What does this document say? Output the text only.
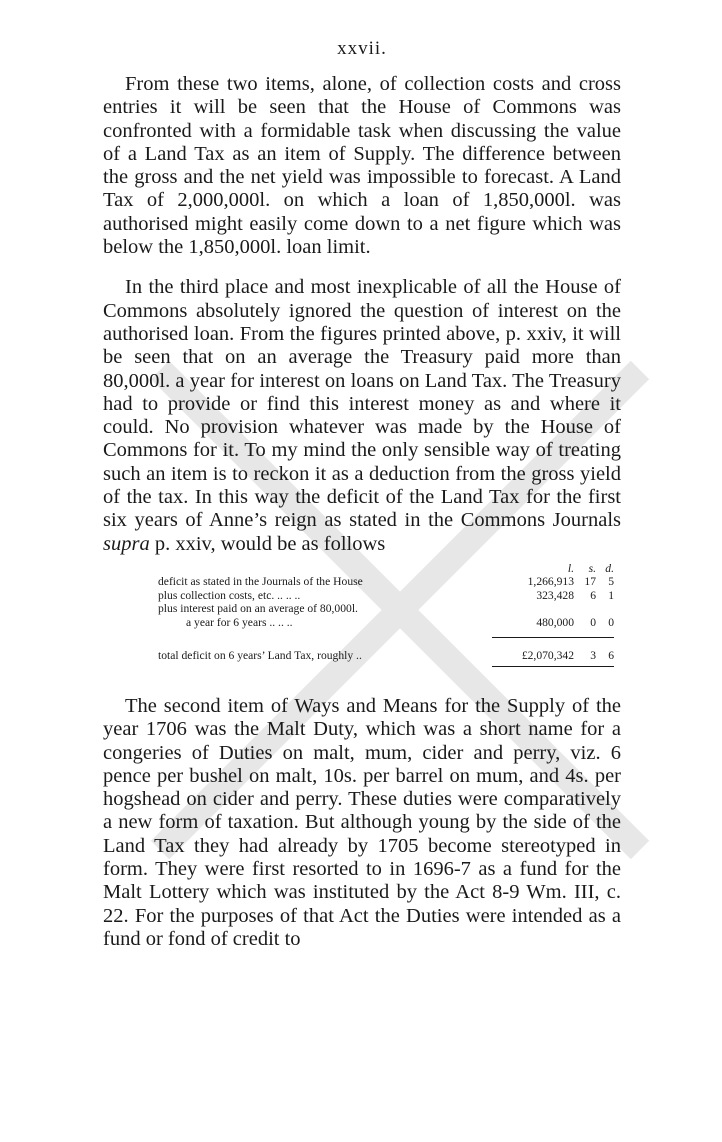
xxvii.

From these two items, alone, of collection costs and cross entries it will be seen that the House of Commons was confronted with a formidable task when discussing the value of a Land Tax as an item of Supply. The difference between the gross and the net yield was impossible to forecast. A Land Tax of 2,000,000l. on which a loan of 1,850,000l. was authorised might easily come down to a net figure which was below the 1,850,000l. loan limit.

In the third place and most inexplicable of all the House of Commons absolutely ignored the question of interest on the authorised loan. From the figures printed above, p. xxiv, it will be seen that on an average the Treasury paid more than 80,000l. a year for interest on loans on Land Tax. The Treasury had to provide or find this interest money as and where it could. No provision whatever was made by the House of Commons for it. To my mind the only sensible way of treating such an item is to reckon it as a deduction from the gross yield of the tax. In this way the deficit of the Land Tax for the first six years of Anne’s reign as stated in the Commons Journals supra p. xxiv, would be as follows

	l.	s.	d.
deficit as stated in the Journals of the House	1,266,913	17	5
plus collection costs, etc. .. .. ..	323,428	6	1
plus interest paid on an average of 80,000l.			
a year for 6 years .. .. ..	480,000	0	0

total deficit on 6 years’ Land Tax, roughly ..	£2,070,342	3	6

The second item of Ways and Means for the Supply of the year 1706 was the Malt Duty, which was a short name for a congeries of Duties on malt, mum, cider and perry, viz. 6 pence per bushel on malt, 10s. per barrel on mum, and 4s. per hogshead on cider and perry. These duties were comparatively a new form of taxation. But although young by the side of the Land Tax they had already by 1705 become stereotyped in form. They were first resorted to in 1696-7 as a fund for the Malt Lottery which was instituted by the Act 8-9 Wm. III, c. 22. For the purposes of that Act the Duties were intended as a fund or fond of credit to
